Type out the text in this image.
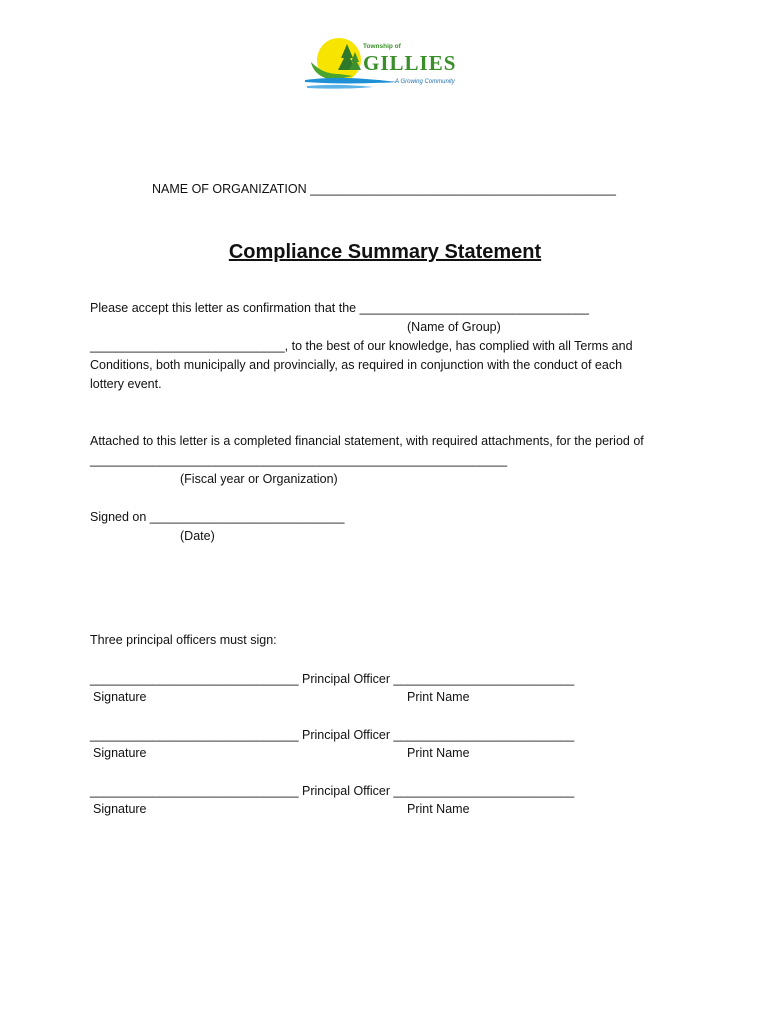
Township of
GILLIES
A Growing Community
NAME OF ORGANIZATION ____________________________________________
Compliance Summary Statement
Please accept this letter as confirmation that the _________________________________
(Name of Group)
____________________________, to the best of our knowledge, has complied with all Terms and
Conditions, both municipally and provincially, as required in conjunction with the conduct of each
lottery event.
Attached to this letter is a completed financial statement, with required attachments, for the period of
____________________________________________________________
(Fiscal year or Organization)
Signed on ____________________________
(Date)
Three principal officers must sign:
______________________________ Principal Officer __________________________
Signature	Print Name
______________________________ Principal Officer __________________________
Signature	Print Name
______________________________ Principal Officer __________________________
Signature	Print Name
